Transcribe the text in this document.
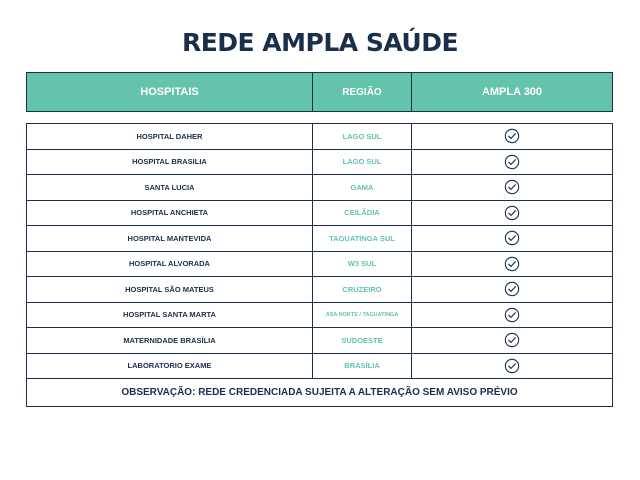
REDE AMPLA SAÚDE
HOSPITAIS	REGIÃO	AMPLA 300
HOSPITAL DAHER	LAGO SUL
HOSPITAL BRASILIA	LAGO SUL
SANTA LUCIA	GAMA
HOSPITAL ANCHIETA	CEILÂDIA
HOSPITAL MANTEVIDA	TAGUATINGA SUL
HOSPITAL ALVORADA	W3 SUL
HOSPITAL SÃO MATEUS	CRUZEIRO
HOSPITAL SANTA MARTA	ASA NORTE / TAGUATINGA
MATERNIDADE BRASÍLIA	SUDOESTE
LABORATORIO EXAME	BRASÍLIA
OBSERVAÇÃO: REDE CREDENCIADA SUJEITA A ALTERAÇÃO SEM AVISO PRÉVIO
